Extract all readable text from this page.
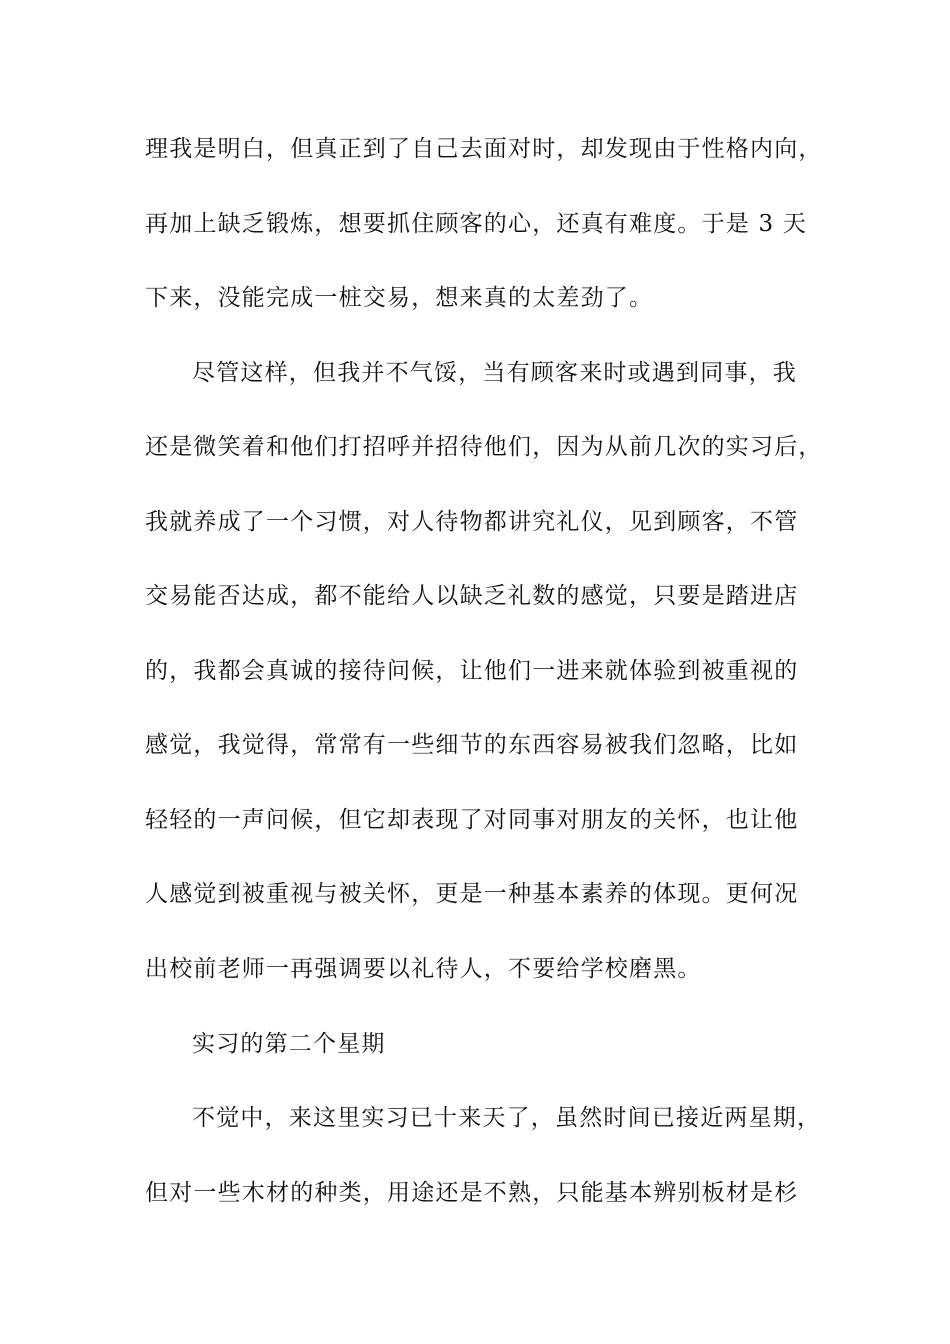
理我是明白，但真正到了自己去面对时，却发现由于性格内向，
再加上缺乏锻炼，想要抓住顾客的心，还真有难度。于是 3 天
下来，没能完成一桩交易，想来真的太差劲了。
尽管这样，但我并不气馁，当有顾客来时或遇到同事，我
还是微笑着和他们打招呼并招待他们，因为从前几次的实习后，
我就养成了一个习惯，对人待物都讲究礼仪，见到顾客，不管
交易能否达成，都不能给人以缺乏礼数的感觉，只要是踏进店
的，我都会真诚的接待问候，让他们一进来就体验到被重视的
感觉，我觉得，常常有一些细节的东西容易被我们忽略，比如
轻轻的一声问候，但它却表现了对同事对朋友的关怀，也让他
人感觉到被重视与被关怀，更是一种基本素养的体现。更何况
出校前老师一再强调要以礼待人，不要给学校磨黑。
实习的第二个星期
不觉中，来这里实习已十来天了，虽然时间已接近两星期，
但对一些木材的种类，用途还是不熟，只能基本辨别板材是杉
